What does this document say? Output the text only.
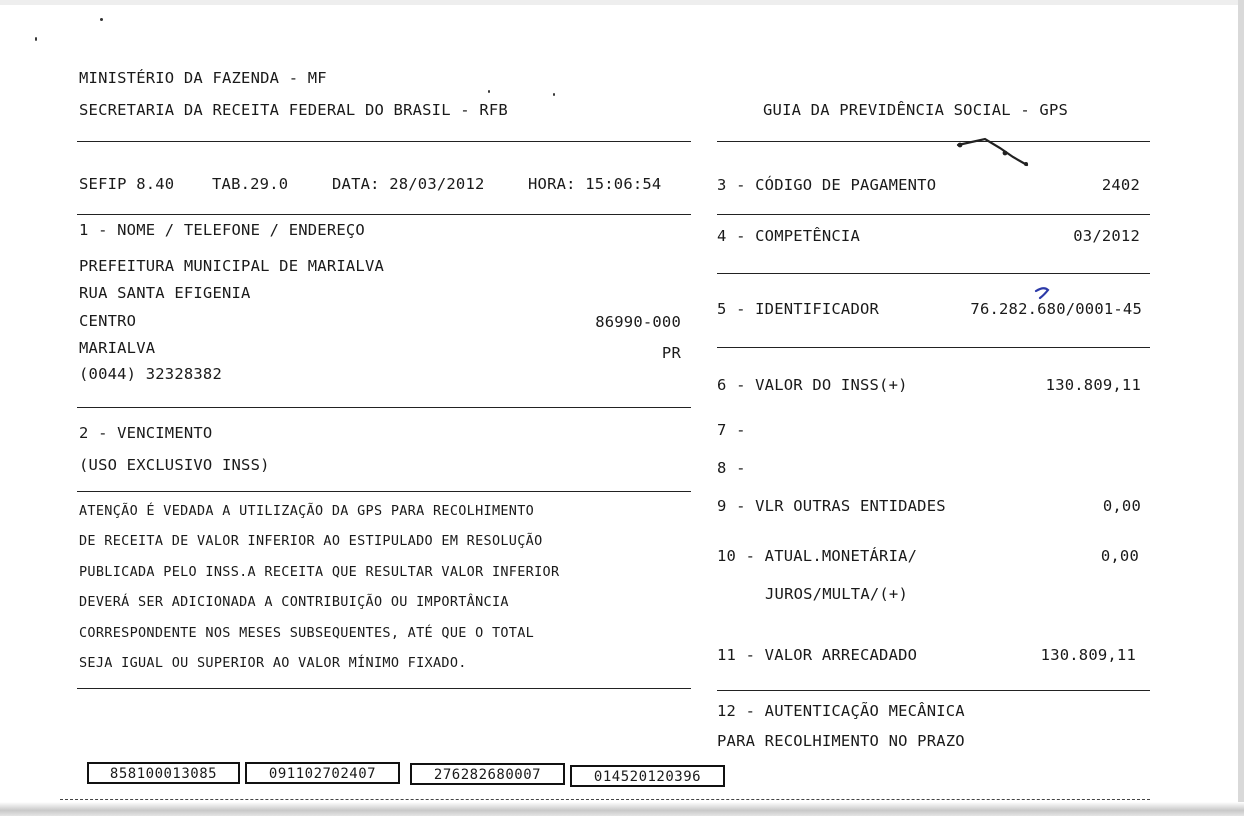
MINISTÉRIO DA FAZENDA - MF
SECRETARIA DA RECEITA FEDERAL DO BRASIL - RFB	GUIA DA PREVIDÊNCIA SOCIAL - GPS
SEFIP 8.40 TAB.29.0	DATA: 28/03/2012	HORA: 15:06:54
1 - NOME / TELEFONE / ENDEREÇO
PREFEITURA MUNICIPAL DE MARIALVA
RUA SANTA EFIGENIA
CENTRO	86990-000
MARIALVA	PR
(0044) 32328382
2 - VENCIMENTO
(USO EXCLUSIVO INSS)
ATENÇÃO É VEDADA A UTILIZAÇÃO DA GPS PARA RECOLHIMENTO
DE RECEITA DE VALOR INFERIOR AO ESTIPULADO EM RESOLUÇÃO
PUBLICADA PELO INSS.A RECEITA QUE RESULTAR VALOR INFERIOR
DEVERÁ SER ADICIONADA A CONTRIBUIÇÃO OU IMPORTÂNCIA
CORRESPONDENTE NOS MESES SUBSEQUENTES, ATÉ QUE O TOTAL
SEJA IGUAL OU SUPERIOR AO VALOR MÍNIMO FIXADO.
3 - CÓDIGO DE PAGAMENTO	2402
4 - COMPETÊNCIA	03/2012
5 - IDENTIFICADOR	76.282.680/0001-45
6 - VALOR DO INSS(+)	130.809,11
7 -
8 -
9 - VLR OUTRAS ENTIDADES	0,00
10 - ATUAL.MONETÁRIA/	0,00
JUROS/MULTA/(+)
11 - VALOR ARRECADADO	130.809,11
12 - AUTENTICAÇÃO MECÂNICA
PARA RECOLHIMENTO NO PRAZO
858100013085	091102702407	276282680007	014520120396
